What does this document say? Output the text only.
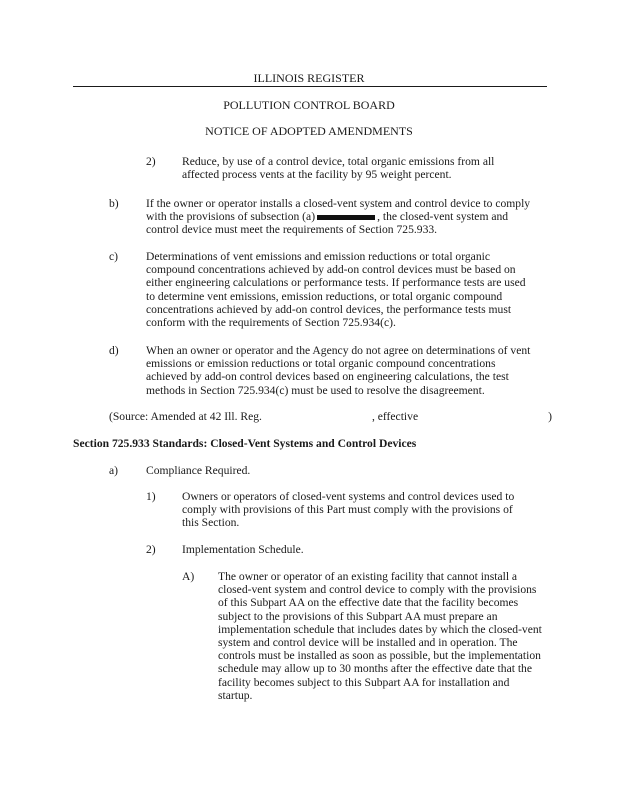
ILLINOIS REGISTER
POLLUTION CONTROL BOARD
NOTICE OF ADOPTED AMENDMENTS
2) Reduce, by use of a control device, total organic emissions from all affected process vents at the facility by 95 weight percent.
b) If the owner or operator installs a closed-vent system and control device to comply with the provisions of subsection (a)	, the closed-vent system and control device must meet the requirements of Section 725.933.
c) Determinations of vent emissions and emission reductions or total organic compound concentrations achieved by add-on control devices must be based on either engineering calculations or performance tests. If performance tests are used to determine vent emissions, emission reductions, or total organic compound concentrations achieved by add-on control devices, the performance tests must conform with the requirements of Section 725.934(c).
d) When an owner or operator and the Agency do not agree on determinations of vent emissions or emission reductions or total organic compound concentrations achieved by add-on control devices based on engineering calculations, the test methods in Section 725.934(c) must be used to resolve the disagreement.
(Source: Amended at 42 Ill. Reg.	, effective	)
Section 725.933 Standards: Closed-Vent Systems and Control Devices
a) Compliance Required.
1) Owners or operators of closed-vent systems and control devices used to comply with provisions of this Part must comply with the provisions of this Section.
2) Implementation Schedule.
A) The owner or operator of an existing facility that cannot install a closed-vent system and control device to comply with the provisions of this Subpart AA on the effective date that the facility becomes subject to the provisions of this Subpart AA must prepare an implementation schedule that includes dates by which the closed-vent system and control device will be installed and in operation. The controls must be installed as soon as possible, but the implementation schedule may allow up to 30 months after the effective date that the facility becomes subject to this Subpart AA for installation and startup.
